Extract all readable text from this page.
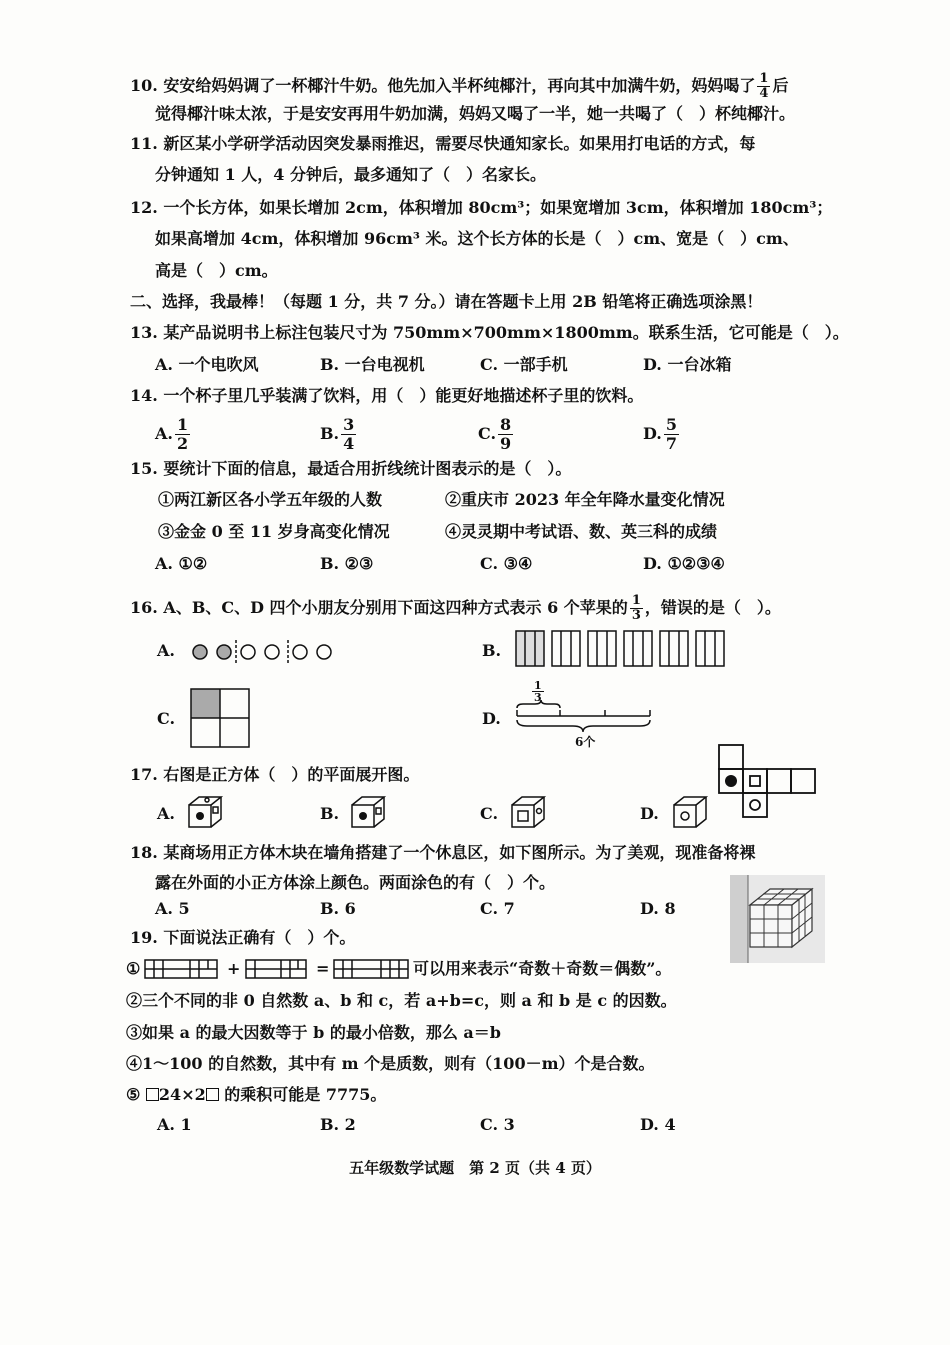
10. 安安给妈妈调了一杯椰汁牛奶。他先加入半杯纯椰汁，再向其中加满牛奶，妈妈喝了 $\frac{1}{4}$ 后
觉得椰汁味太浓，于是安安再用牛奶加满，妈妈又喝了一半，她一共喝了（　）杯纯椰汁。
11. 新区某小学研学活动因突发暴雨推迟，需要尽快通知家长。如果用打电话的方式，每
分钟通知 1 人，4 分钟后，最多通知了（　）名家长。
12. 一个长方体，如果长增加 2cm，体积增加 80cm³；如果宽增加 3cm，体积增加 180cm³；
如果高增加 4cm，体积增加 96cm³ 米。这个长方体的长是（　）cm、宽是（　）cm、
高是（　）cm。
二、选择，我最棒！（每题 1 分，共 7 分。）请在答题卡上用 2B 铅笔将正确选项涂黑！
13. 某产品说明书上标注包装尺寸为 750mm×700mm×1800mm。联系生活，它可能是（　）。
A. 一个电吹风	B. 一台电视机	C. 一部手机	D. 一台冰箱
14. 一个杯子里几乎装满了饮料，用（　）能更好地描述杯子里的饮料。
A. $\frac{1}{2}$	B. $\frac{3}{4}$	C. $\frac{8}{9}$	D. $\frac{5}{7}$
15. 要统计下面的信息，最适合用折线统计图表示的是（　）。
①两江新区各小学五年级的人数	②重庆市 2023 年全年降水量变化情况
③金金 0 至 11 岁身高变化情况	④灵灵期中考试语、数、英三科的成绩
A. ①②	B. ②③	C. ③④	D. ①②③④
16. A、B、C、D 四个小朋友分别用下面这四种方式表示 6 个苹果的 $\frac{1}{3}$ ，错误的是（　）。
A.	B.
C.	D.
$\frac{1}{3}$
6个
17. 右图是正方体（　）的平面展开图。
A.	B.	C.	D.
18. 某商场用正方体木块在墙角搭建了一个休息区，如下图所示。为了美观，现准备将裸
露在外面的小正方体涂上颜色。两面涂色的有（　）个。
A. 5	B. 6	C. 7	D. 8
19. 下面说法正确有（　）个。
①	+	=	可以用来表示“奇数＋奇数＝偶数”。
②三个不同的非 0 自然数 a、b 和 c，若 a+b=c，则 a 和 b 是 c 的因数。
③如果 a 的最大因数等于 b 的最小倍数，那么 a＝b
④1～100 的自然数，其中有 m 个是质数，则有（100－m）个是合数。
⑤ 24×2 的乘积可能是 7775。
A. 1	B. 2	C. 3	D. 4
五年级数学试题　第 2 页（共 4 页）
